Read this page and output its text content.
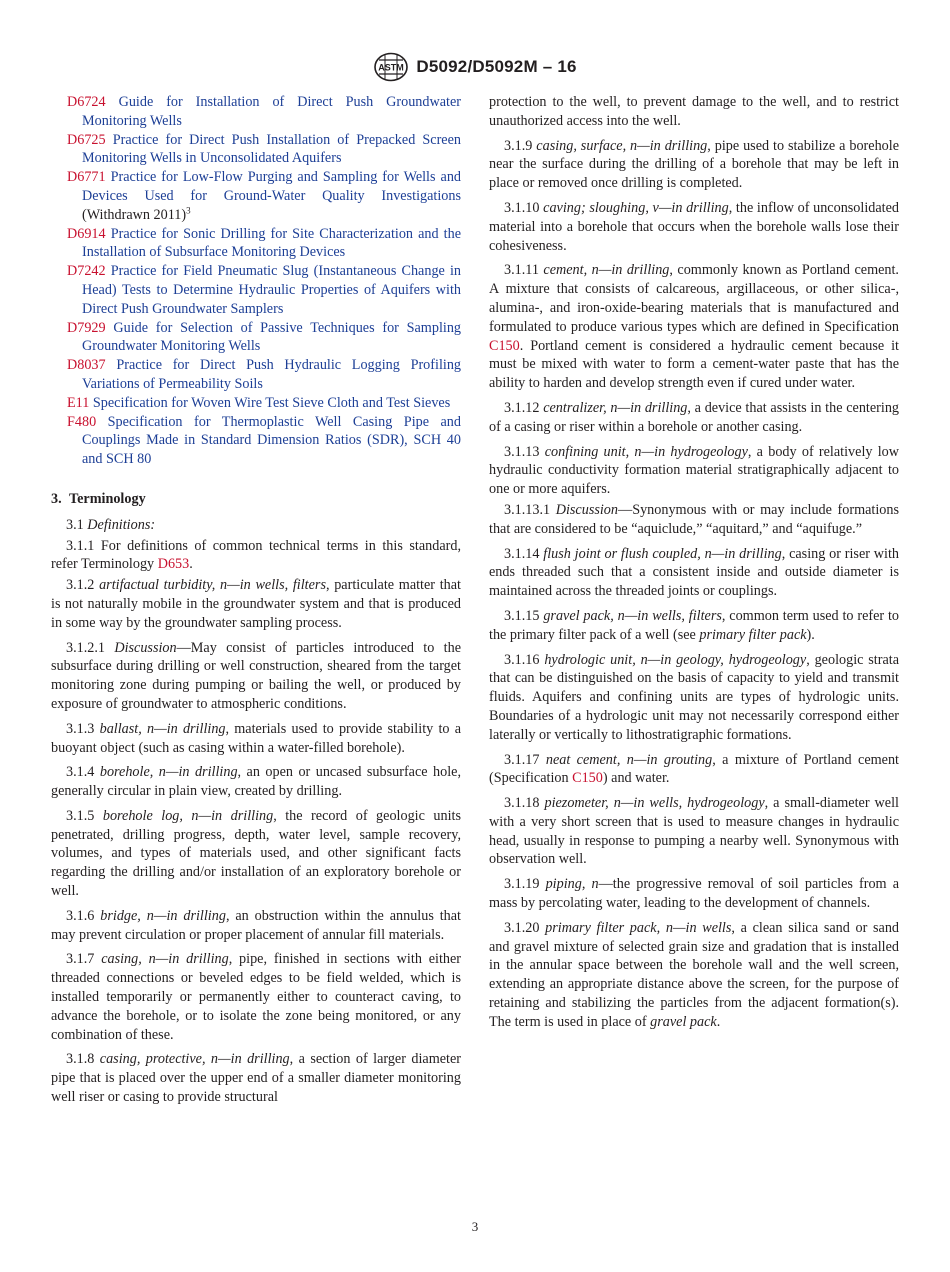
ASTM D5092/D5092M – 16
D6724 Guide for Installation of Direct Push Groundwater Monitoring Wells
D6725 Practice for Direct Push Installation of Prepacked Screen Monitoring Wells in Unconsolidated Aquifers
D6771 Practice for Low-Flow Purging and Sampling for Wells and Devices Used for Ground-Water Quality Investigations (Withdrawn 2011)$^3$
D6914 Practice for Sonic Drilling for Site Characterization and the Installation of Subsurface Monitoring Devices
D7242 Practice for Field Pneumatic Slug (Instantaneous Change in Head) Tests to Determine Hydraulic Properties of Aquifers with Direct Push Groundwater Samplers
D7929 Guide for Selection of Passive Techniques for Sampling Groundwater Monitoring Wells
D8037 Practice for Direct Push Hydraulic Logging Profiling Variations of Permeability Soils
E11 Specification for Woven Wire Test Sieve Cloth and Test Sieves
F480 Specification for Thermoplastic Well Casing Pipe and Couplings Made in Standard Dimension Ratios (SDR), SCH 40 and SCH 80
3. Terminology
3.1 Definitions:
3.1.1 For definitions of common technical terms in this standard, refer Terminology D653.
3.1.2 artifactual turbidity, n—in wells, filters, particulate matter that is not naturally mobile in the groundwater system and that is produced in some way by the groundwater sampling process.
3.1.2.1 Discussion—May consist of particles introduced to the subsurface during drilling or well construction, sheared from the target monitoring zone during pumping or bailing the well, or produced by exposure of groundwater to atmospheric conditions.
3.1.3 ballast, n—in drilling, materials used to provide stability to a buoyant object (such as casing within a water-filled borehole).
3.1.4 borehole, n—in drilling, an open or uncased subsurface hole, generally circular in plain view, created by drilling.
3.1.5 borehole log, n—in drilling, the record of geologic units penetrated, drilling progress, depth, water level, sample recovery, volumes, and types of materials used, and other significant facts regarding the drilling and/or installation of an exploratory borehole or well.
3.1.6 bridge, n—in drilling, an obstruction within the annulus that may prevent circulation or proper placement of annular fill materials.
3.1.7 casing, n—in drilling, pipe, finished in sections with either threaded connections or beveled edges to be field welded, which is installed temporarily or permanently either to counteract caving, to advance the borehole, or to isolate the zone being monitored, or any combination of these.
3.1.8 casing, protective, n—in drilling, a section of larger diameter pipe that is placed over the upper end of a smaller diameter monitoring well riser or casing to provide structural
protection to the well, to prevent damage to the well, and to restrict unauthorized access into the well.
3.1.9 casing, surface, n—in drilling, pipe used to stabilize a borehole near the surface during the drilling of a borehole that may be left in place or removed once drilling is completed.
3.1.10 caving; sloughing, v—in drilling, the inflow of unconsolidated material into a borehole that occurs when the borehole walls lose their cohesiveness.
3.1.11 cement, n—in drilling, commonly known as Portland cement. A mixture that consists of calcareous, argillaceous, or other silica-, alumina-, and iron-oxide-bearing materials that is manufactured and formulated to produce various types which are defined in Specification C150. Portland cement is considered a hydraulic cement because it must be mixed with water to form a cement-water paste that has the ability to harden and develop strength even if cured under water.
3.1.12 centralizer, n—in drilling, a device that assists in the centering of a casing or riser within a borehole or another casing.
3.1.13 confining unit, n—in hydrogeology, a body of relatively low hydraulic conductivity formation material stratigraphically adjacent to one or more aquifers.
3.1.13.1 Discussion—Synonymous with or may include formations that are considered to be “aquiclude,” “aquitard,” and “aquifuge.”
3.1.14 flush joint or flush coupled, n—in drilling, casing or riser with ends threaded such that a consistent inside and outside diameter is maintained across the threaded joints or couplings.
3.1.15 gravel pack, n—in wells, filters, common term used to refer to the primary filter pack of a well (see primary filter pack).
3.1.16 hydrologic unit, n—in geology, hydrogeology, geologic strata that can be distinguished on the basis of capacity to yield and transmit fluids. Aquifers and confining units are types of hydrologic units. Boundaries of a hydrologic unit may not necessarily correspond either laterally or vertically to lithostratigraphic formations.
3.1.17 neat cement, n—in grouting, a mixture of Portland cement (Specification C150) and water.
3.1.18 piezometer, n—in wells, hydrogeology, a small-diameter well with a very short screen that is used to measure changes in hydraulic head, usually in response to pumping a nearby well. Synonymous with observation well.
3.1.19 piping, n—the progressive removal of soil particles from a mass by percolating water, leading to the development of channels.
3.1.20 primary filter pack, n—in wells, a clean silica sand or sand and gravel mixture of selected grain size and gradation that is installed in the annular space between the borehole wall and the well screen, extending an appropriate distance above the screen, for the purpose of retaining and stabilizing the particles from the adjacent formation(s). The term is used in place of gravel pack.
3
